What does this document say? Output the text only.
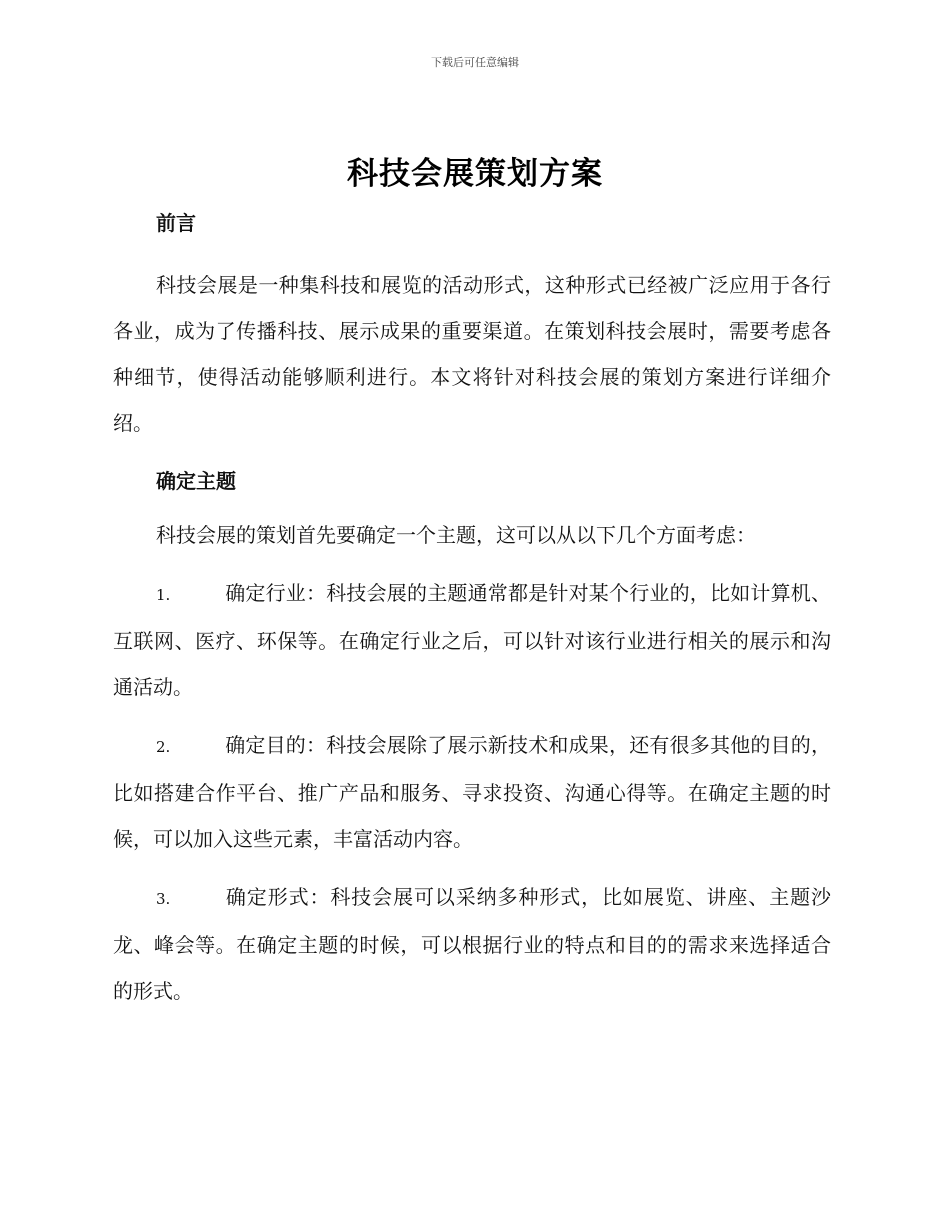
下载后可任意编辑
科技会展策划方案
前言

科技会展是一种集科技和展览的活动形式，这种形式已经被广泛应用于各行各业，成为了传播科技、展示成果的重要渠道。在策划科技会展时，需要考虑各种细节，使得活动能够顺利进行。本文将针对科技会展的策划方案进行详细介绍。

确定主题

科技会展的策划首先要确定一个主题，这可以从以下几个方面考虑：

1.	确定行业：科技会展的主题通常都是针对某个行业的，比如计算机、互联网、医疗、环保等。在确定行业之后，可以针对该行业进行相关的展示和沟通活动。
2.	确定目的：科技会展除了展示新技术和成果，还有很多其他的目的，比如搭建合作平台、推广产品和服务、寻求投资、沟通心得等。在确定主题的时候，可以加入这些元素，丰富活动内容。
3.	确定形式：科技会展可以采纳多种形式，比如展览、讲座、主题沙龙、峰会等。在确定主题的时候，可以根据行业的特点和目的的需求来选择适合的形式。
